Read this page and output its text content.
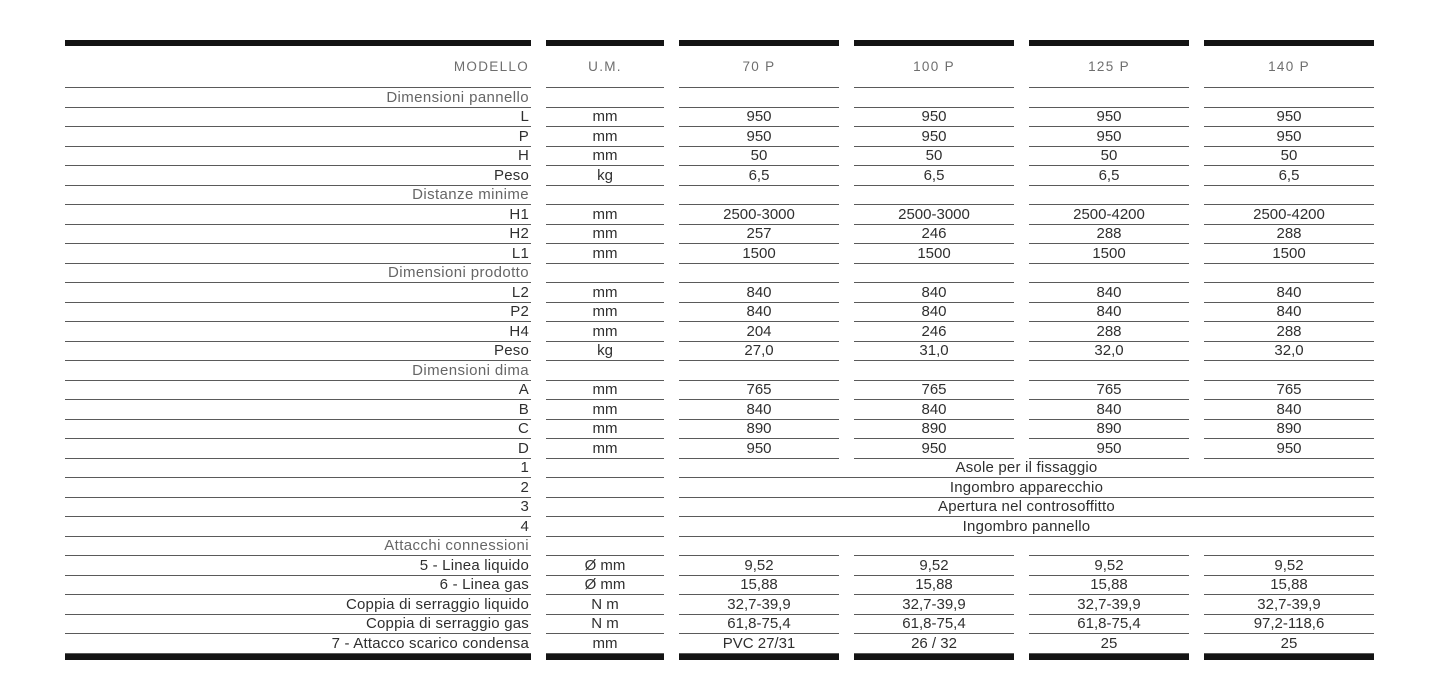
MODELLO	U.M.	70 P	100 P	125 P	140 P
Dimensioni pannello
L	mm	950	950	950	950
P	mm	950	950	950	950
H	mm	50	50	50	50
Peso	kg	6,5	6,5	6,5	6,5
Distanze minime
H1	mm	2500-3000	2500-3000	2500-4200	2500-4200
H2	mm	257	246	288	288
L1	mm	1500	1500	1500	1500
Dimensioni prodotto
L2	mm	840	840	840	840
P2	mm	840	840	840	840
H4	mm	204	246	288	288
Peso	kg	27,0	31,0	32,0	32,0
Dimensioni dima
A	mm	765	765	765	765
B	mm	840	840	840	840
C	mm	890	890	890	890
D	mm	950	950	950	950
1	Asole per il fissaggio
2	Ingombro apparecchio
3	Apertura nel controsoffitto
4	Ingombro pannello
Attacchi connessioni
5 - Linea liquido	Ø mm	9,52	9,52	9,52	9,52
6 - Linea gas	Ø mm	15,88	15,88	15,88	15,88
Coppia di serraggio liquido	N m	32,7-39,9	32,7-39,9	32,7-39,9	32,7-39,9
Coppia di serraggio gas	N m	61,8-75,4	61,8-75,4	61,8-75,4	97,2-118,6
7 - Attacco scarico condensa	mm	PVC 27/31	26 / 32	25	25
